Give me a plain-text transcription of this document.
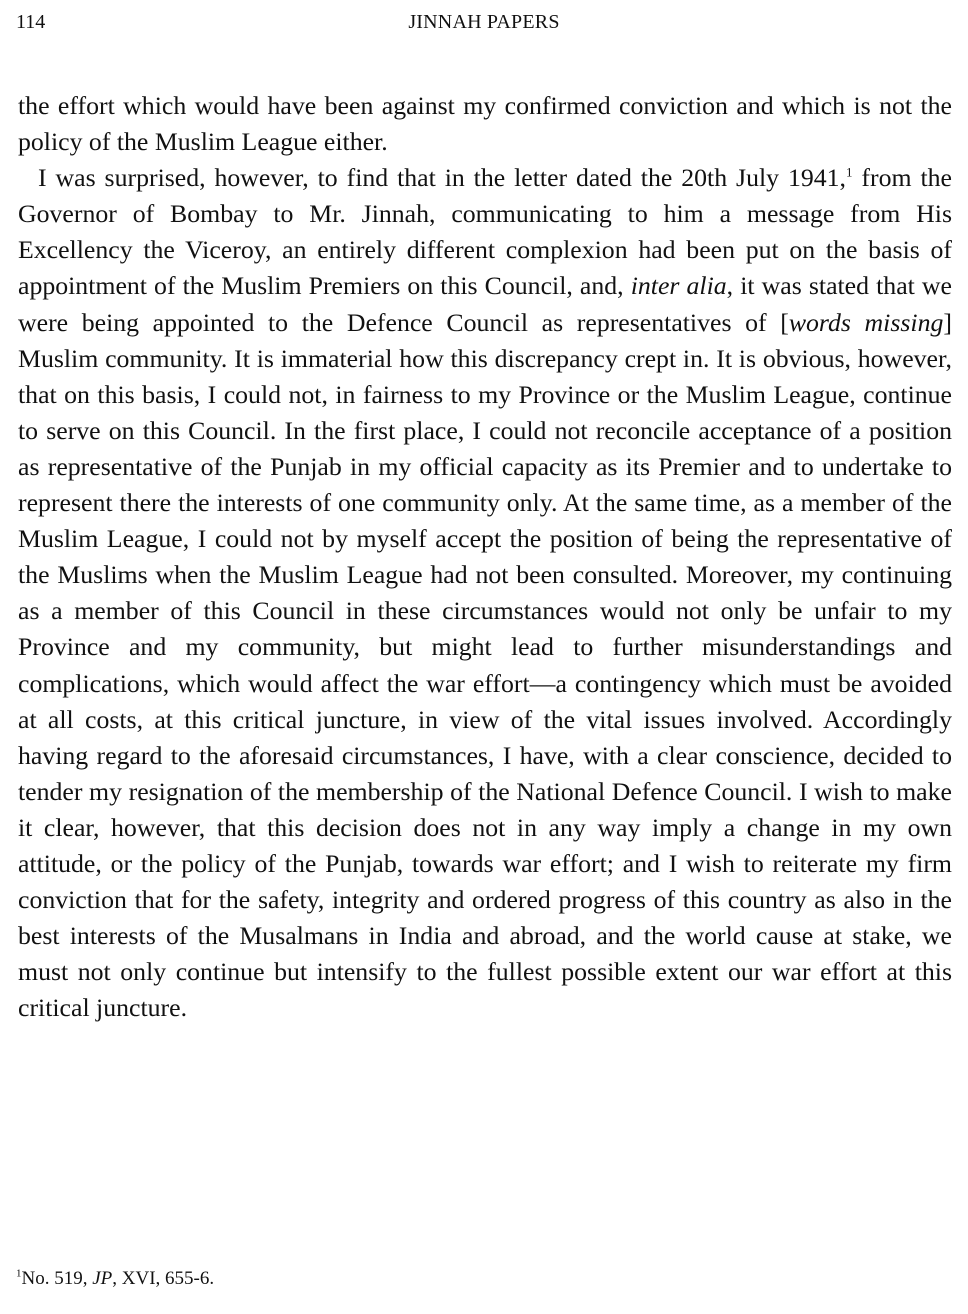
114	JINNAH PAPERS

the effort which would have been against my confirmed conviction and which is not the policy of the Muslim League either.

I was surprised, however, to find that in the letter dated the 20th July 1941,$^1$ from the Governor of Bombay to Mr. Jinnah, communicating to him a message from His Excellency the Viceroy, an entirely different complexion had been put on the basis of appointment of the Muslim Premiers on this Council, and, inter alia, it was stated that we were being appointed to the Defence Council as representatives of [words missing] Muslim community. It is immaterial how this discrepancy crept in. It is obvious, however, that on this basis, I could not, in fairness to my Province or the Muslim League, continue to serve on this Council. In the first place, I could not reconcile acceptance of a position as representative of the Punjab in my official capacity as its Premier and to undertake to represent there the interests of one community only. At the same time, as a member of the Muslim League, I could not by myself accept the position of being the representative of the Muslims when the Muslim League had not been consulted. Moreover, my continuing as a member of this Council in these circumstances would not only be unfair to my Province and my community, but might lead to further misunderstandings and complications, which would affect the war effort—a contingency which must be avoided at all costs, at this critical juncture, in view of the vital issues involved. Accordingly having regard to the aforesaid circumstances, I have, with a clear conscience, decided to tender my resignation of the membership of the National Defence Council. I wish to make it clear, however, that this decision does not in any way imply a change in my own attitude, or the policy of the Punjab, towards war effort; and I wish to reiterate my firm conviction that for the safety, integrity and ordered progress of this country as also in the best interests of the Musalmans in India and abroad, and the world cause at stake, we must not only continue but intensify to the fullest possible extent our war effort at this critical juncture.

$^1$No. 519, JP, XVI, 655-6.
